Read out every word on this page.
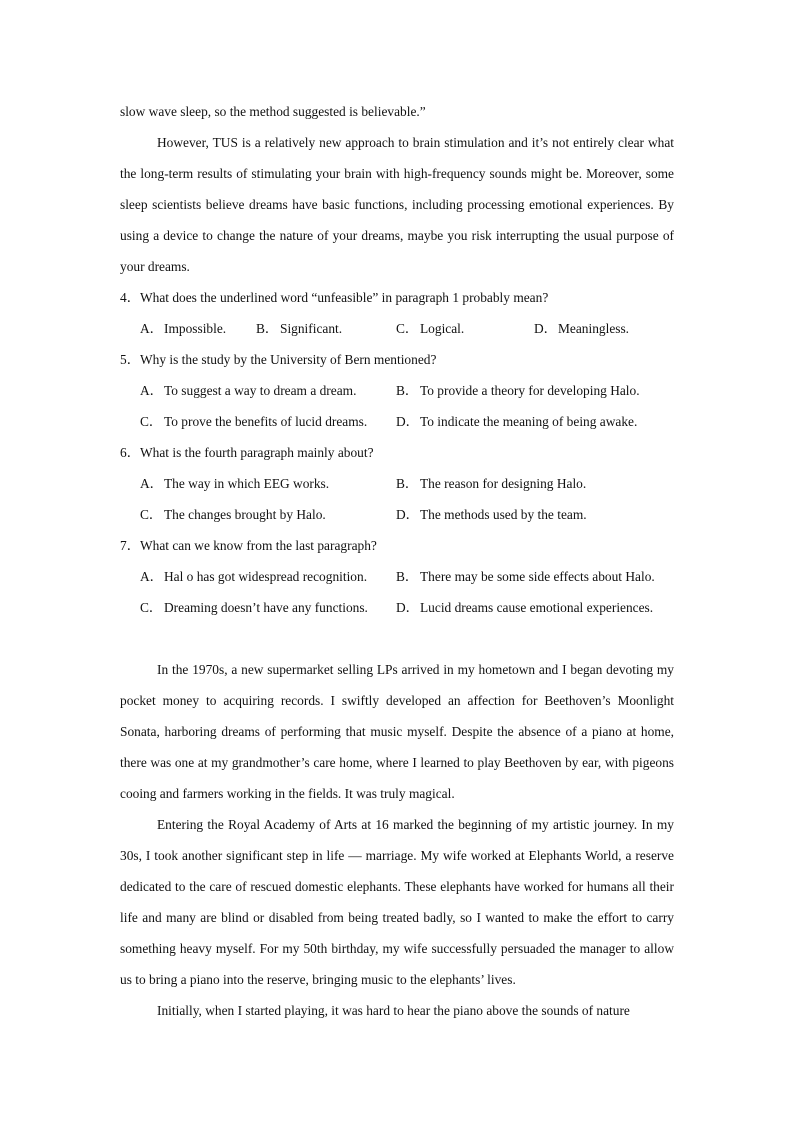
slow wave sleep, so the method suggested is believable.”

However, TUS is a relatively new approach to brain stimulation and it’s not entirely clear what the long-term results of stimulating your brain with high-frequency sounds might be. Moreover, some sleep scientists believe dreams have basic functions, including processing emotional experiences. By using a device to change the nature of your dreams, maybe you risk interrupting the usual purpose of your dreams.

4．What does the underlined word “unfeasible” in paragraph 1 probably mean?

A．Impossible.	B． Significant.	C． Logical.	D．Meaningless.

5．Why is the study by the University of Bern mentioned?

A．To suggest a way to dream a dream.	B． To provide a theory for developing Halo.
C． To prove the benefits of lucid dreams.	D．To indicate the meaning of being awake.

6．What is the fourth paragraph mainly about?

A．The way in which EEG works.	B． The reason for designing Halo.
C． The changes brought by Halo.	D．The methods used by the team.

7．What can we know from the last paragraph?

A．Hal o has got widespread recognition.	B． There may be some side effects about Halo.
C． Dreaming doesn’t have any functions.	D．Lucid dreams cause emotional experiences.

In the 1970s, a new supermarket selling LPs arrived in my hometown and I began devoting my pocket money to acquiring records. I swiftly developed an affection for Beethoven’s Moonlight Sonata, harboring dreams of performing that music myself. Despite the absence of a piano at home, there was one at my grandmother’s care home, where I learned to play Beethoven by ear, with pigeons cooing and farmers working in the fields. It was truly magical.

Entering the Royal Academy of Arts at 16 marked the beginning of my artistic journey. In my 30s, I took another significant step in life — marriage. My wife worked at Elephants World, a reserve dedicated to the care of rescued domestic elephants. These elephants have worked for humans all their life and many are blind or disabled from being treated badly, so I wanted to make the effort to carry something heavy myself. For my 50th birthday, my wife successfully persuaded the manager to allow us to bring a piano into the reserve, bringing music to the elephants’ lives.

Initially, when I started playing, it was hard to hear the piano above the sounds of nature
